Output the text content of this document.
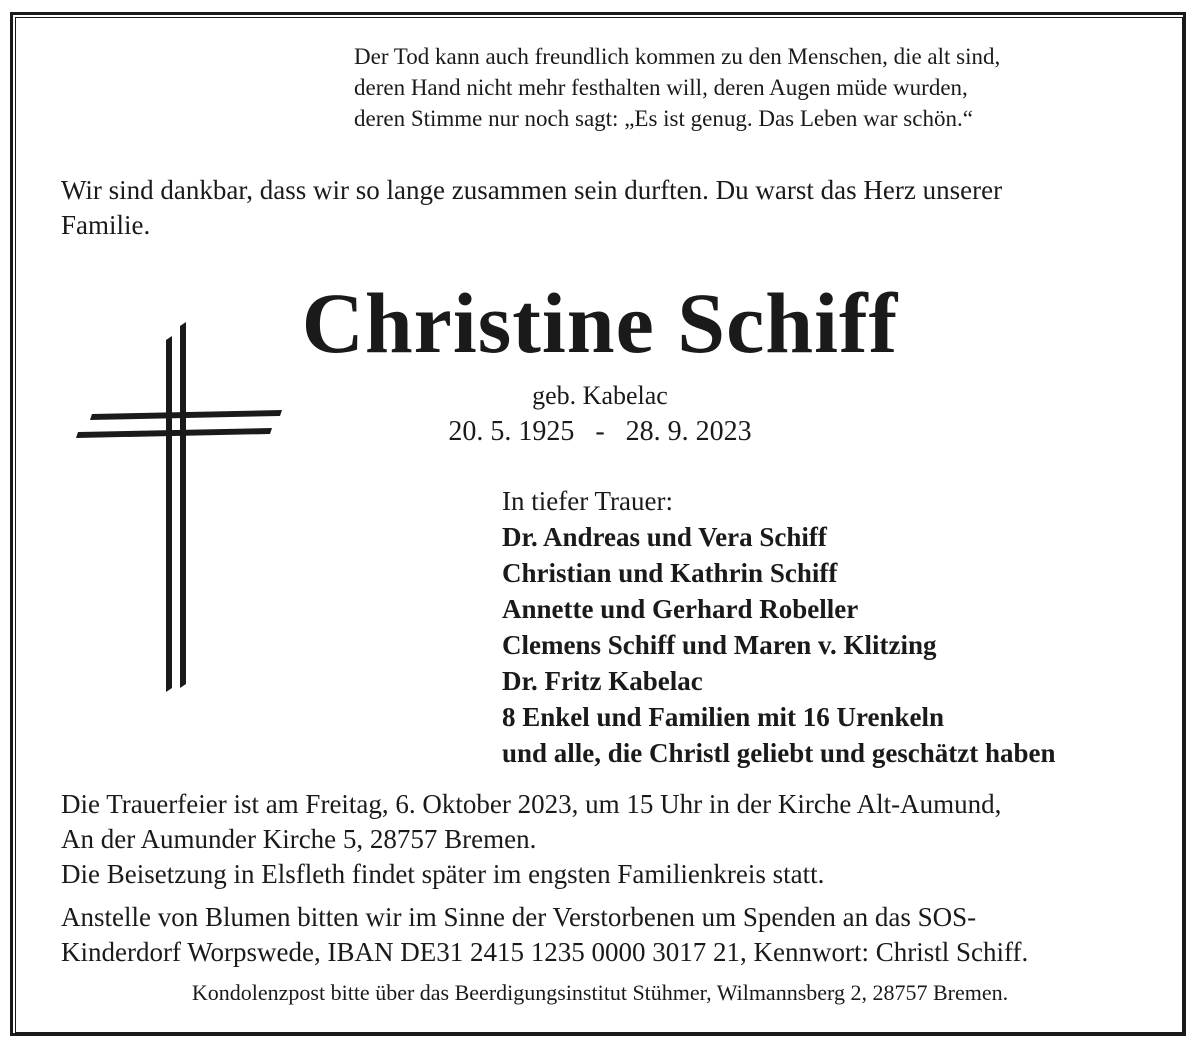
Der Tod kann auch freundlich kommen zu den Menschen, die alt sind,
deren Hand nicht mehr festhalten will, deren Augen müde wurden,
deren Stimme nur noch sagt: „Es ist genug. Das Leben war schön.“
Wir sind dankbar, dass wir so lange zusammen sein durften. Du warst das Herz unserer
Familie.
Christine Schiff
geb. Kabelac
20. 5. 1925   -   28. 9. 2023
In tiefer Trauer:
Dr. Andreas und Vera Schiff
Christian und Kathrin Schiff
Annette und Gerhard Robeller
Clemens Schiff und Maren v. Klitzing
Dr. Fritz Kabelac
8 Enkel und Familien mit 16 Urenkeln
und alle, die Christl geliebt und geschätzt haben
Die Trauerfeier ist am Freitag, 6. Oktober 2023, um 15 Uhr in der Kirche Alt-Aumund,
An der Aumunder Kirche 5, 28757 Bremen.
Die Beisetzung in Elsfleth findet später im engsten Familienkreis statt.
Anstelle von Blumen bitten wir im Sinne der Verstorbenen um Spenden an das SOS-
Kinderdorf Worpswede, IBAN DE31 2415 1235 0000 3017 21, Kennwort: Christl Schiff.
Kondolenzpost bitte über das Beerdigungsinstitut Stühmer, Wilmannsberg 2, 28757 Bremen.
